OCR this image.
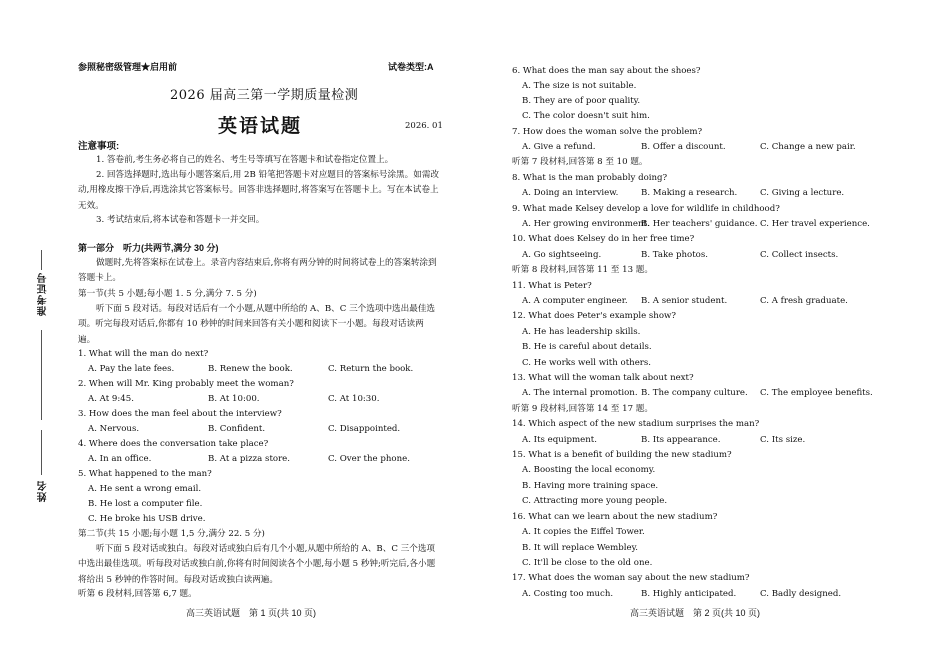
准考证号
姓名
参照秘密级管理★启用前	试卷类型:A
2026 届高三第一学期质量检测
英语试题	2026. 01
注意事项:
1. 答卷前,考生务必将自己的姓名、考生号等填写在答题卡和试卷指定位置上。
2. 回答选择题时,选出每小题答案后,用 2B 铅笔把答题卡对应题目的答案标号涂黑。如需改动,用橡皮擦干净后,再选涂其它答案标号。回答非选择题时,将答案写在答题卡上。写在本试卷上无效。
3. 考试结束后,将本试卷和答题卡一并交回。
第一部分　听力(共两节,满分 30 分)
做题时,先将答案标在试卷上。录音内容结束后,你将有两分钟的时间将试卷上的答案转涂到答题卡上。
第一节(共 5 小题;每小题 1. 5 分,满分 7. 5 分)
听下面 5 段对话。每段对话后有一个小题,从题中所给的 A、B、C 三个选项中选出最佳选项。听完每段对话后,你都有 10 秒钟的时间来回答有关小题和阅读下一小题。每段对话读两遍。
1. What will the man do next?
A. Pay the late fees.	B. Renew the book.	C. Return the book.
2. When will Mr. King probably meet the woman?
A. At 9:45.	B. At 10:00.	C. At 10:30.
3. How does the man feel about the interview?
A. Nervous.	B. Confident.	C. Disappointed.
4. Where does the conversation take place?
A. In an office.	B. At a pizza store.	C. Over the phone.
5. What happened to the man?
A. He sent a wrong email.
B. He lost a computer file.
C. He broke his USB drive.
第二节(共 15 小题;每小题 1,5 分,满分 22. 5 分)
听下面 5 段对话或独白。每段对话或独白后有几个小题,从题中所给的 A、B、C 三个选项中选出最佳选项。听每段对话或独白前,你将有时间阅读各个小题,每小题 5 秒钟;听完后,各小题将给出 5 秒钟的作答时间。每段对话或独白读两遍。
听第 6 段材料,回答第 6,7 题。
6. What does the man say about the shoes?
A. The size is not suitable.
B. They are of poor quality.
C. The color doesn't suit him.
7. How does the woman solve the problem?
A. Give a refund.	B. Offer a discount.	C. Change a new pair.
听第 7 段材料,回答第 8 至 10 题。
8. What is the man probably doing?
A. Doing an interview.	B. Making a research.	C. Giving a lecture.
9. What made Kelsey develop a love for wildlife in childhood?
A. Her growing environment.
B. Her teachers' guidance. C. Her travel experience.
10. What does Kelsey do in her free time?
A. Go sightseeing.	B. Take photos.	C. Collect insects.
听第 8 段材料,回答第 11 至 13 题。
11. What is Peter?
A. A computer engineer. B. A senior student.	C. A fresh graduate.
12. What does Peter's example show?
A. He has leadership skills.
B. He is careful about details.
C. He works well with others.
13. What will the woman talk about next?
A. The internal promotion. B. The company culture. C. The employee benefits.
听第 9 段材料,回答第 14 至 17 题。
14. Which aspect of the new stadium surprises the man?
A. Its equipment.	B. Its appearance.	C. Its size.
15. What is a benefit of building the new stadium?
A. Boosting the local economy.
B. Having more training space.
C. Attracting more young people.
16. What can we learn about the new stadium?
A. It copies the Eiffel Tower.
B. It will replace Wembley.
C. It'll be close to the old one.
17. What does the woman say about the new stadium?
A. Costing too much.	B. Highly anticipated.	C. Badly designed.
高三英语试题　第 1 页(共 10 页)	高三英语试题　第 2 页(共 10 页)
